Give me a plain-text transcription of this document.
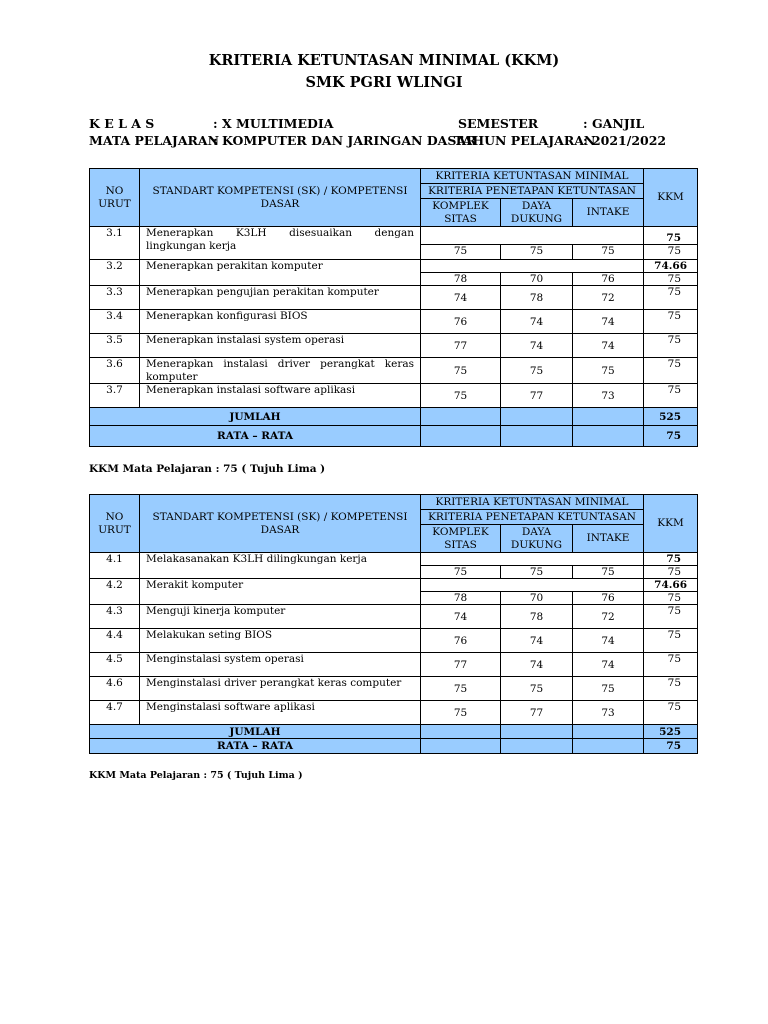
KRITERIA KETUNTASAN MINIMAL (KKM)
SMK PGRI WLINGI
K E L A S	: X MULTIMEDIA	SEMESTER	: GANJIL
MATA PELAJARAN
: KOMPUTER DAN JARINGAN DASAR
TAHUN PELAJARAN
: 2021/2022
NO URUT	STANDART KOMPETENSI (SK) / KOMPETENSI DASAR	KRITERIA KETUNTASAN MINIMAL			KKM
		KRITERIA PENETAPAN KETUNTASAN			
		KOMPLEK SITAS	DAYA DUKUNG	INTAKE	
3.1	Menerapkan K3LH disesuaikan dengan lingkungan kerja				75
		75	75	75	75
3.2	Menerapkan perakitan komputer				74.66
		78	70	76	75
3.3	Menerapkan pengujian perakitan komputer	74	78	72	75
3.4	Menerapkan konfigurasi BIOS	76	74	74	75
3.5	Menerapkan instalasi system operasi	77	74	74	75
3.6	Menerapkan instalasi driver perangkat keras komputer	75	75	75	75
3.7	Menerapkan instalasi software aplikasi	75	77	73	75
JUMLAH					525
RATA – RATA					75
KKM Mata Pelajaran : 75 ( Tujuh Lima )
NO URUT	STANDART KOMPETENSI (SK) / KOMPETENSI DASAR	KRITERIA KETUNTASAN MINIMAL			KKM
		KRITERIA PENETAPAN KETUNTASAN			
		KOMPLEK SITAS	DAYA DUKUNG	INTAKE	
4.1	Melakasanakan K3LH dilingkungan kerja				75
		75	75	75	75
4.2	Merakit komputer				74.66
		78	70	76	75
4.3	Menguji kinerja komputer	74	78	72	75
4.4	Melakukan seting BIOS	76	74	74	75
4.5	Menginstalasi system operasi	77	74	74	75
4.6	Menginstalasi driver perangkat keras computer	75	75	75	75
4.7	Menginstalasi software aplikasi	75	77	73	75
JUMLAH					525
RATA – RATA					75
KKM Mata Pelajaran : 75 ( Tujuh Lima )
